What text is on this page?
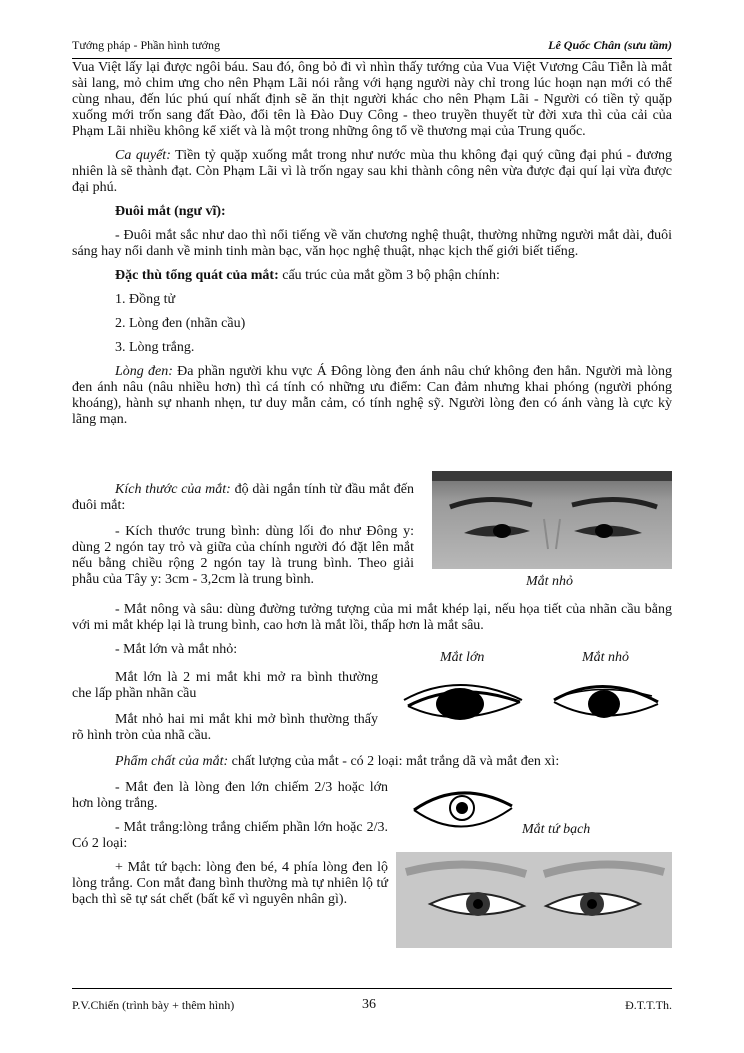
Tướng pháp - Phần hình tướng	Lê Quốc Chân (sưu tầm)

Vua Việt lấy lại được ngôi báu. Sau đó, ông bỏ đi vì nhìn thấy tướng của Vua Việt Vương Câu Tiễn là mắt sài lang, mỏ chim ưng cho nên Phạm Lãi nói rằng với hạng người này chỉ trong lúc hoạn nạn mới có thể cùng nhau, đến lúc phú quí nhất định sẽ ăn thịt người khác cho nên Phạm Lãi - Người có tiền tỷ quặp xuống mới trốn sang đất Đào, đổi tên là Đào Duy Công - theo truyền thuyết từ đời xưa thì của cải của Phạm Lãi nhiều không kể xiết và là một trong những ông tổ về thương mại của Trung quốc.

Ca quyết: Tiền tỷ quặp xuống mắt trong như nước mùa thu không đại quý cũng đại phú - đương nhiên là sẽ thành đạt. Còn Phạm Lãi vì là trốn ngay sau khi thành công nên vừa được đại quí lại vừa được đại phú.

Đuôi mắt (ngư vĩ):

- Đuôi mắt sắc như dao thì nổi tiếng về văn chương nghệ thuật, thường những người mắt dài, đuôi sáng hay nổi danh về minh tinh màn bạc, văn học nghệ thuật, nhạc kịch thế giới biết tiếng.

Đặc thù tổng quát của mắt: cấu trúc của mắt gồm 3 bộ phận chính:

1. Đồng tử

2. Lòng đen (nhãn cầu)

3. Lòng trắng.

Lòng đen: Đa phần người khu vực Á Đông lòng đen ánh nâu chứ không đen hẳn. Người mà lòng đen ánh nâu (nâu nhiều hơn) thì cá tính có những ưu điểm: Can đảm nhưng khai phóng (người phóng khoáng), hành sự nhanh nhẹn, tư duy mẫn cảm, có tính nghệ sỹ. Người lòng đen có ánh vàng là cực kỳ lãng mạn.

Kích thước của mắt: độ dài ngắn tính từ đầu mắt đến đuôi mắt:

- Kích thước trung bình: dùng lối đo như Đông y: dùng 2 ngón tay trỏ và giữa của chính người đó đặt lên mắt nếu bằng chiều rộng 2 ngón tay là trung bình. Theo giải phẫu của Tây y: 3cm - 3,2cm là trung bình.	Mắt nhỏ

- Mắt nông và sâu: dùng đường tưởng tượng của mi mắt khép lại, nếu họa tiết của nhãn cầu bằng với mi mắt khép lại là trung bình, cao hơn là mắt lồi, thấp hơn là mắt sâu.

- Mắt lớn và mắt nhỏ:

Mắt lớn	Mắt nhỏ

Mắt lớn là 2 mi mắt khi mở ra bình thường che lấp phần nhãn cầu

Mắt nhỏ hai mi mắt khi mở bình thường thấy rõ hình tròn của nhã cầu.

Phẩm chất của mắt: chất lượng của mắt - có 2 loại: mắt trắng dã và mắt đen xì:

- Mắt đen là lòng đen lớn chiếm 2/3 hoặc lớn hơn lòng trắng.

- Mắt trắng:lòng trắng chiếm phần lớn hoặc 2/3. Có 2 loại:

+ Mắt tứ bạch: lòng đen bé, 4 phía lòng đen lộ lòng trắng. Con mắt đang bình thường mà tự nhiên lộ tứ bạch thì sẽ tự sát chết (bất kể vì nguyên nhân gì).

Mắt tứ bạch
P.V.Chiến (trình bày + thêm hình)	36	Đ.T.T.Th.
